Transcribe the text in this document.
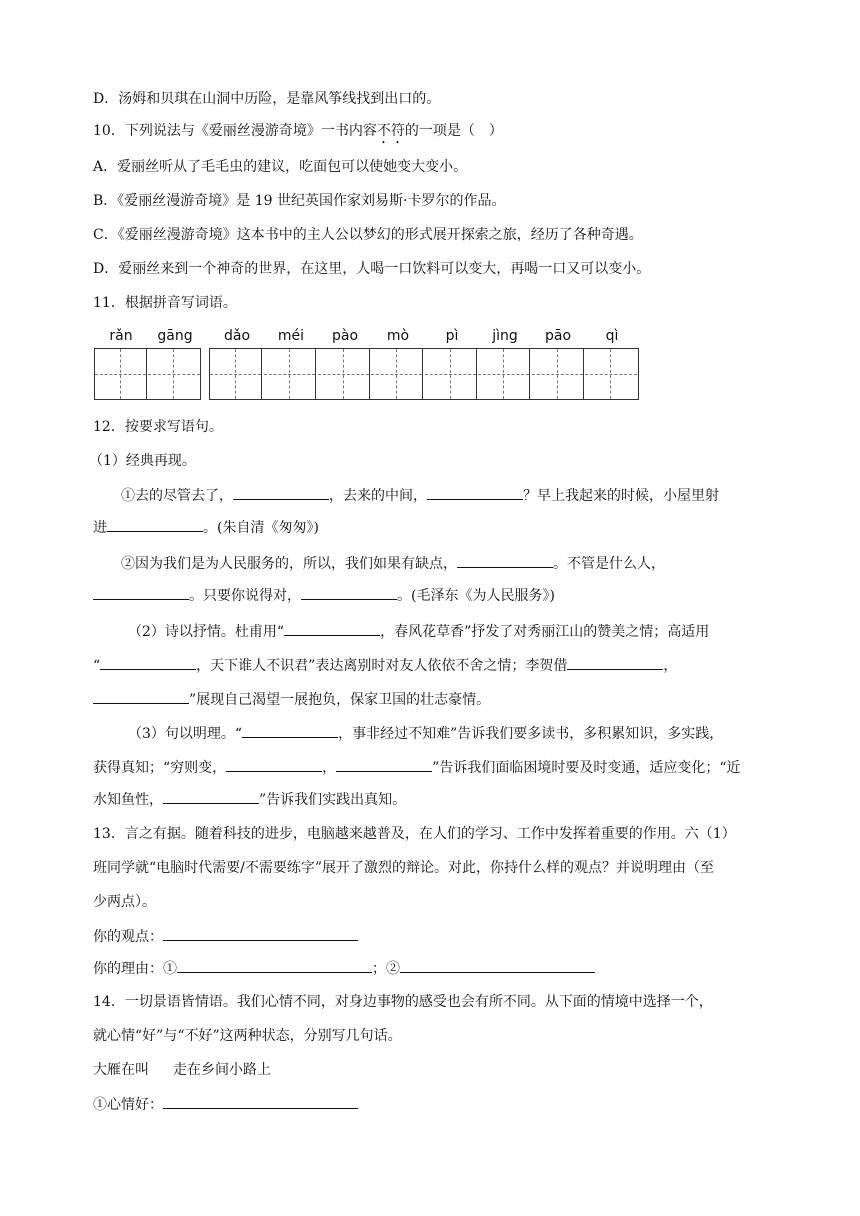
D．汤姆和贝琪在山洞中历险，是靠风筝线找到出口的。
10．下列说法与《爱丽丝漫游奇境》一书内容不符的一项是（　）
A．爱丽丝听从了毛毛虫的建议，吃面包可以使她变大变小。
B．《爱丽丝漫游奇境》是 19 世纪英国作家刘易斯·卡罗尔的作品。
C．《爱丽丝漫游奇境》这本书中的主人公以梦幻的形式展开探索之旅，经历了各种奇遇。
D．爱丽丝来到一个神奇的世界，在这里，人喝一口饮料可以变大，再喝一口又可以变小。
11．根据拼音写词语。
rǎn	gāng	dǎo	méi	pào	mò	pì	jìng	pāo	qì
12．按要求写语句。
（1）经典再现。
①去的尽管去了，	，去来的中间，	？早上我起来的时候，小屋里射
进	。(朱自清《匆匆》)
②因为我们是为人民服务的，所以，我们如果有缺点，	。不管是什么人，
。只要你说得对，	。(毛泽东《为人民服务》)
（2）诗以抒情。杜甫用“	，春风花草香”抒发了对秀丽江山的赞美之情；高适用
“	，天下谁人不识君”表达离别时对友人依依不舍之情；李贺借	，
”展现自己渴望一展抱负，保家卫国的壮志豪情。
（3）句以明理。“	，事非经过不知难”告诉我们要多读书，多积累知识，多实践，
获得真知；“穷则变，	，	”告诉我们面临困境时要及时变通，适应变化；“近
水知鱼性，	”告诉我们实践出真知。
13．言之有据。随着科技的进步，电脑越来越普及，在人们的学习、工作中发挥着重要的作用。六（1）
班同学就“电脑时代需要/不需要练字”展开了激烈的辩论。对此，你持什么样的观点？并说明理由（至
少两点）。
你的观点：
你的理由：①	；②
14．一切景语皆情语。我们心情不同，对身边事物的感受也会有所不同。从下面的情境中选择一个，
就心情“好”与“不好”这两种状态，分别写几句话。
大雁在叫 走在乡间小路上
①心情好：
